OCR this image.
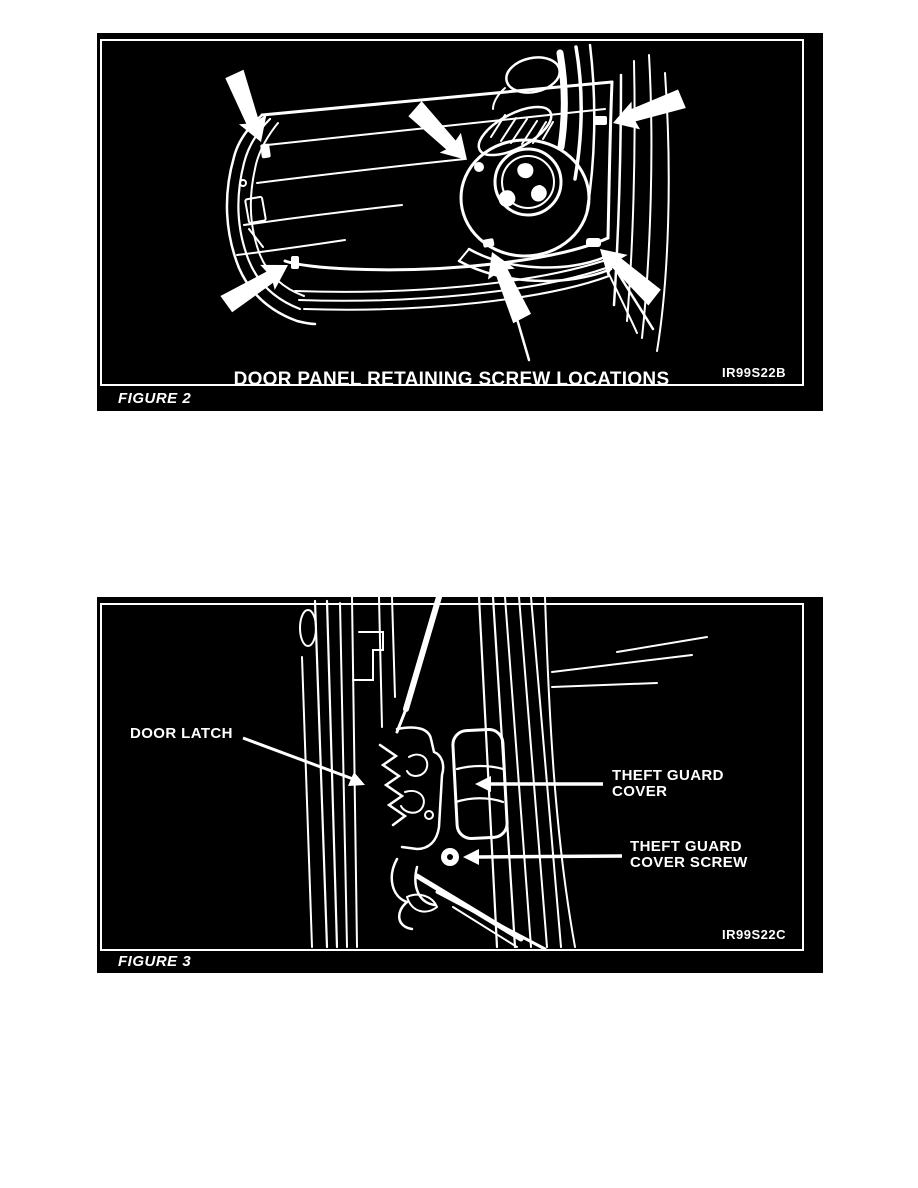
DOOR PANEL RETAINING SCREW LOCATIONS	IR99S22B
FIGURE 2
DOOR LATCH
THEFT GUARD
COVER
THEFT GUARD
COVER SCREW
IR99S22C
FIGURE 3
